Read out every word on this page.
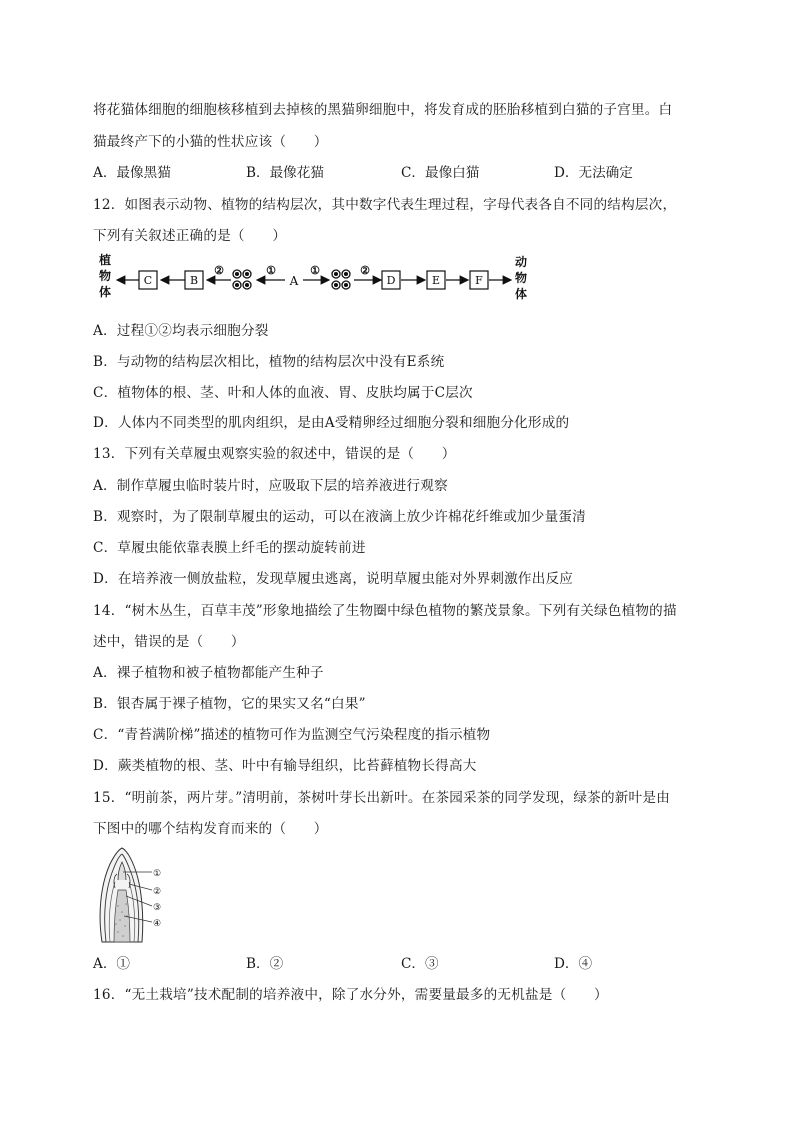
将花猫体细胞的细胞核移植到去掉核的黑猫卵细胞中，将发育成的胚胎移植到白猫的子宫里。白
猫最终产下的小猫的性状应该（　　）
A．最像黑猫	B．最像花猫	C．最像白猫	D．无法确定
12．如图表示动物、植物的结构层次，其中数字代表生理过程，字母代表各自不同的结构层次，
下列有关叙述正确的是（　　）
植
物
体
C	B
②	①
A
①	②
D	E	F
动
物
体
A．过程①②均表示细胞分裂
B．与动物的结构层次相比，植物的结构层次中没有E系统
C．植物体的根、茎、叶和人体的血液、胃、皮肤均属于C层次
D．人体内不同类型的肌肉组织，是由A受精卵经过细胞分裂和细胞分化形成的
13．下列有关草履虫观察实验的叙述中，错误的是（　　）
A．制作草履虫临时装片时，应吸取下层的培养液进行观察
B．观察时，为了限制草履虫的运动，可以在液滴上放少许棉花纤维或加少量蛋清
C．草履虫能依靠表膜上纤毛的摆动旋转前进
D．在培养液一侧放盐粒，发现草履虫逃离，说明草履虫能对外界刺激作出反应
14．“树木丛生，百草丰茂”形象地描绘了生物圈中绿色植物的繁茂景象。下列有关绿色植物的描
述中，错误的是（　　）
A．裸子植物和被子植物都能产生种子
B．银杏属于裸子植物，它的果实又名“白果”
C．“青苔满阶梯”描述的植物可作为监测空气污染程度的指示植物
D．蕨类植物的根、茎、叶中有输导组织，比苔藓植物长得高大
15．“明前茶，两片芽。”清明前，茶树叶芽长出新叶。在茶园采茶的同学发现，绿茶的新叶是由
下图中的哪个结构发育而来的（　　）
①
②
③
④
A．①	B．②	C．③	D．④
16．“无土栽培”技术配制的培养液中，除了水分外，需要量最多的无机盐是（　　）
